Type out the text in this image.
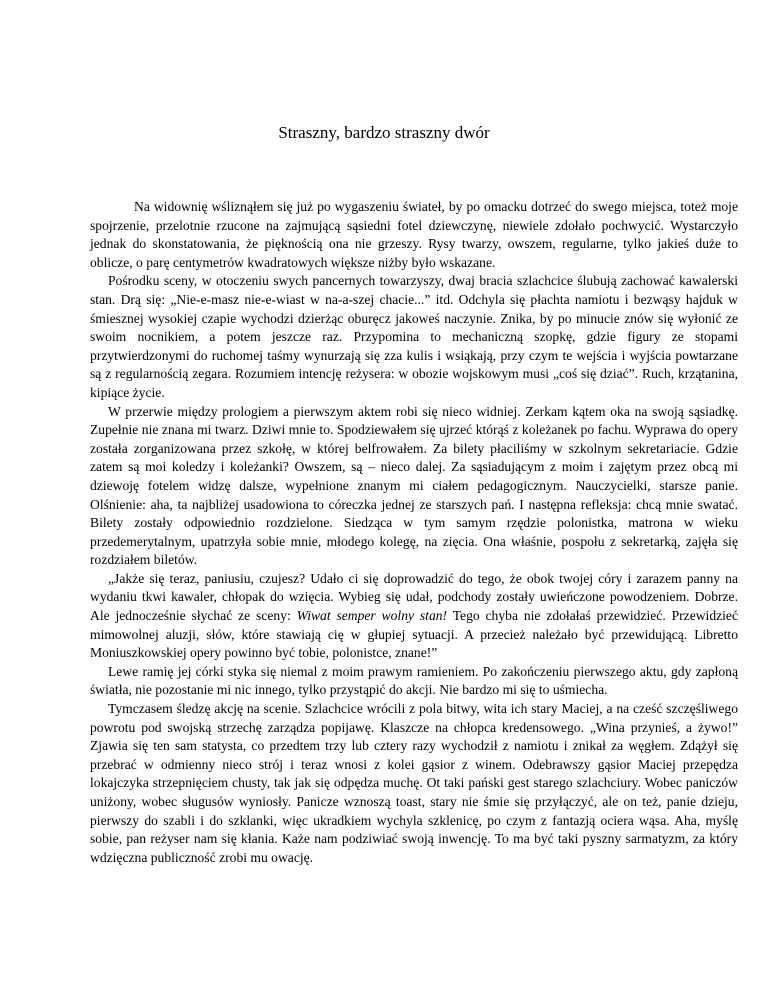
Straszny, bardzo straszny dwór

Na widownię wśliznąłem się już po wygaszeniu świateł, by po omacku dotrzeć do swego miejsca, toteż moje spojrzenie, przelotnie rzucone na zajmującą sąsiedni fotel dziewczynę, niewiele zdołało pochwycić. Wystarczyło jednak do skonstatowania, że pięknością ona nie grzeszy. Rysy twarzy, owszem, regularne, tylko jakieś duże to oblicze, o parę centymetrów kwadratowych większe niżby było wskazane.

Pośrodku sceny, w otoczeniu swych pancernych towarzyszy, dwaj bracia szlachcice ślubują zachować kawalerski stan. Drą się: „Nie-e-masz nie-e-wiast w na-a-szej chacie...” itd. Odchyla się płachta namiotu i bezwąsy hajduk w śmiesznej wysokiej czapie wychodzi dzierżąc oburęcz jakoweś naczynie. Znika, by po minucie znów się wyłonić ze swoim nocnikiem, a potem jeszcze raz. Przypomina to mechaniczną szopkę, gdzie figury ze stopami przytwierdzonymi do ruchomej taśmy wynurzają się zza kulis i wsiąkają, przy czym te wejścia i wyjścia powtarzane są z regularnością zegara. Rozumiem intencję reżysera: w obozie wojskowym musi „coś się dziać”. Ruch, krzątanina, kipiące życie.

W przerwie między prologiem a pierwszym aktem robi się nieco widniej. Zerkam kątem oka na swoją sąsiadkę. Zupełnie nie znana mi twarz. Dziwi mnie to. Spodziewałem się ujrzeć którąś z koleżanek po fachu. Wyprawa do opery została zorganizowana przez szkołę, w której belfrowałem. Za bilety płaciliśmy w szkolnym sekretariacie. Gdzie zatem są moi koledzy i koleżanki? Owszem, są – nieco dalej. Za sąsiadującym z moim i zajętym przez obcą mi dziewoję fotelem widzę dalsze, wypełnione znanym mi ciałem pedagogicznym. Nauczycielki, starsze panie. Olśnienie: aha, ta najbliżej usadowiona to córeczka jednej ze starszych pań. I następna refleksja: chcą mnie swatać. Bilety zostały odpowiednio rozdzielone. Siedząca w tym samym rzędzie polonistka, matrona w wieku przedemerytalnym, upatrzyła sobie mnie, młodego kolegę, na zięcia. Ona właśnie, pospołu z sekretarką, zajęła się rozdziałem biletów.

„Jakże się teraz, paniusiu, czujesz? Udało ci się doprowadzić do tego, że obok twojej córy i zarazem panny na wydaniu tkwi kawaler, chłopak do wzięcia. Wybieg się udał, podchody zostały uwieńczone powodzeniem. Dobrze. Ale jednocześnie słychać ze sceny: Wiwat semper wolny stan! Tego chyba nie zdołałaś przewidzieć. Przewidzieć mimowolnej aluzji, słów, które stawiają cię w głupiej sytuacji. A przecież należało być przewidującą. Libretto Moniuszkowskiej opery powinno być tobie, polonistce, znane!”

Lewe ramię jej córki styka się niemal z moim prawym ramieniem. Po zakończeniu pierwszego aktu, gdy zapłoną światła, nie pozostanie mi nic innego, tylko przystąpić do akcji. Nie bardzo mi się to uśmiecha.

Tymczasem śledzę akcję na scenie. Szlachcice wrócili z pola bitwy, wita ich stary Maciej, a na cześć szczęśliwego powrotu pod swojską strzechę zarządza popijawę. Klaszcze na chłopca kredensowego. „Wina przynieś, a żywo!” Zjawia się ten sam statysta, co przedtem trzy lub cztery razy wychodził z namiotu i znikał za węgłem. Zdążył się przebrać w odmienny nieco strój i teraz wnosi z kolei gąsior z winem. Odebrawszy gąsior Maciej przepędza lokajczyka strzepnięciem chusty, tak jak się odpędza muchę. Ot taki pański gest starego szlachciury. Wobec paniczów uniżony, wobec sługusów wyniosły. Panicze wznoszą toast, stary nie śmie się przyłączyć, ale on też, panie dzieju, pierwszy do szabli i do szklanki, więc ukradkiem wychyla szklenicę, po czym z fantazją ociera wąsa. Aha, myślę sobie, pan reżyser nam się kłania. Każe nam podziwiać swoją inwencję. To ma być taki pyszny sarmatyzm, za który wdzięczna publiczność zrobi mu owację.
